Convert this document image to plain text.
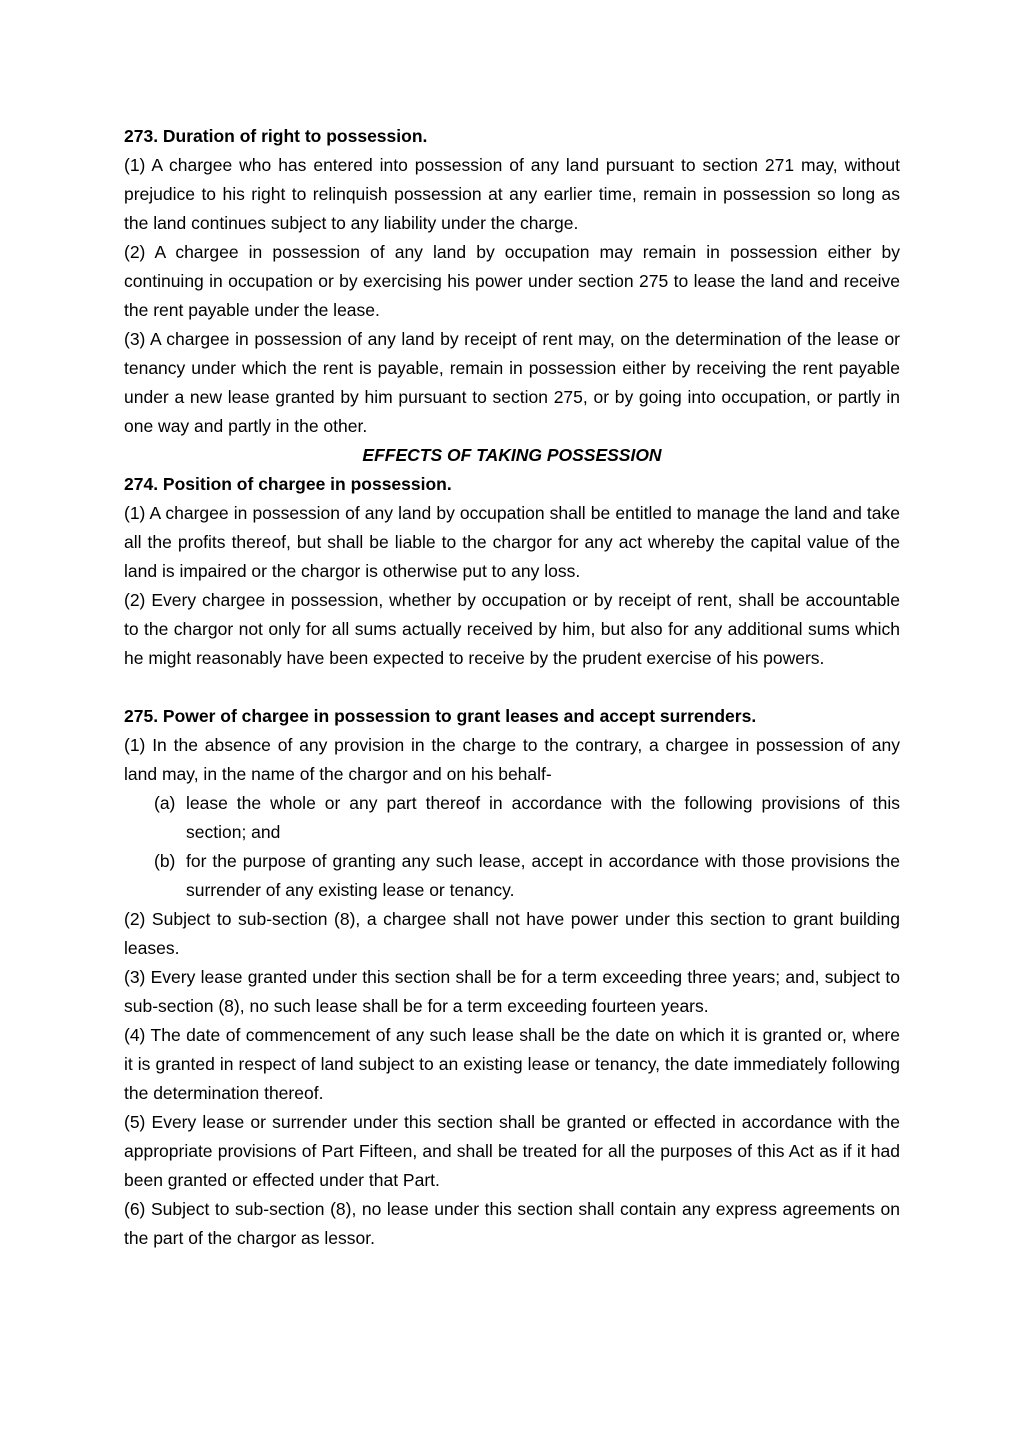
273. Duration of right to possession.

(1) A chargee who has entered into possession of any land pursuant to section 271 may, without prejudice to his right to relinquish possession at any earlier time, remain in possession so long as the land continues subject to any liability under the charge.

(2) A chargee in possession of any land by occupation may remain in possession either by continuing in occupation or by exercising his power under section 275 to lease the land and receive the rent payable under the lease.

(3) A chargee in possession of any land by receipt of rent may, on the determination of the lease or tenancy under which the rent is payable, remain in possession either by receiving the rent payable under a new lease granted by him pursuant to section 275, or by going into occupation, or partly in one way and partly in the other.

EFFECTS OF TAKING POSSESSION

274. Position of chargee in possession.

(1) A chargee in possession of any land by occupation shall be entitled to manage the land and take all the profits thereof, but shall be liable to the chargor for any act whereby the capital value of the land is impaired or the chargor is otherwise put to any loss.

(2) Every chargee in possession, whether by occupation or by receipt of rent, shall be accountable to the chargor not only for all sums actually received by him, but also for any additional sums which he might reasonably have been expected to receive by the prudent exercise of his powers.

275. Power of chargee in possession to grant leases and accept surrenders.

(1) In the absence of any provision in the charge to the contrary, a chargee in possession of any land may, in the name of the chargor and on his behalf-

(a) lease the whole or any part thereof in accordance with the following provisions of this section; and

(b) for the purpose of granting any such lease, accept in accordance with those provisions the surrender of any existing lease or tenancy.

(2) Subject to sub-section (8), a chargee shall not have power under this section to grant building leases.

(3) Every lease granted under this section shall be for a term exceeding three years; and, subject to sub-section (8), no such lease shall be for a term exceeding fourteen years.

(4) The date of commencement of any such lease shall be the date on which it is granted or, where it is granted in respect of land subject to an existing lease or tenancy, the date immediately following the determination thereof.

(5) Every lease or surrender under this section shall be granted or effected in accordance with the appropriate provisions of Part Fifteen, and shall be treated for all the purposes of this Act as if it had been granted or effected under that Part.

(6) Subject to sub-section (8), no lease under this section shall contain any express agreements on the part of the chargor as lessor.
